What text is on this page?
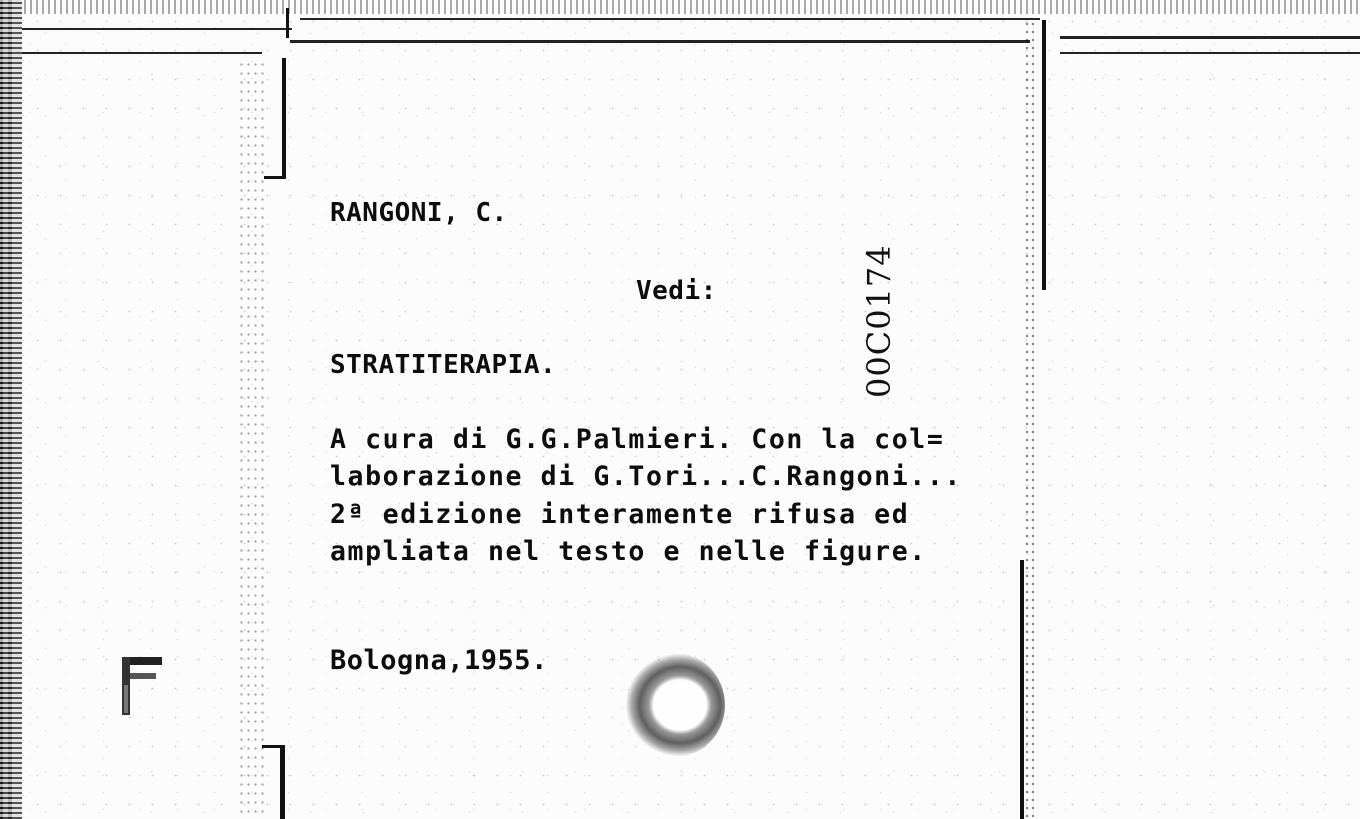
RANGONI, C.
Vedi:
STRATITERAPIA.
A cura di G.G.Palmieri. Con la col=
laborazione di G.Tori...C.Rangoni...
2ª edizione interamente rifusa ed
ampliata nel testo e nelle figure.
Bologna,1955.
00C0174
